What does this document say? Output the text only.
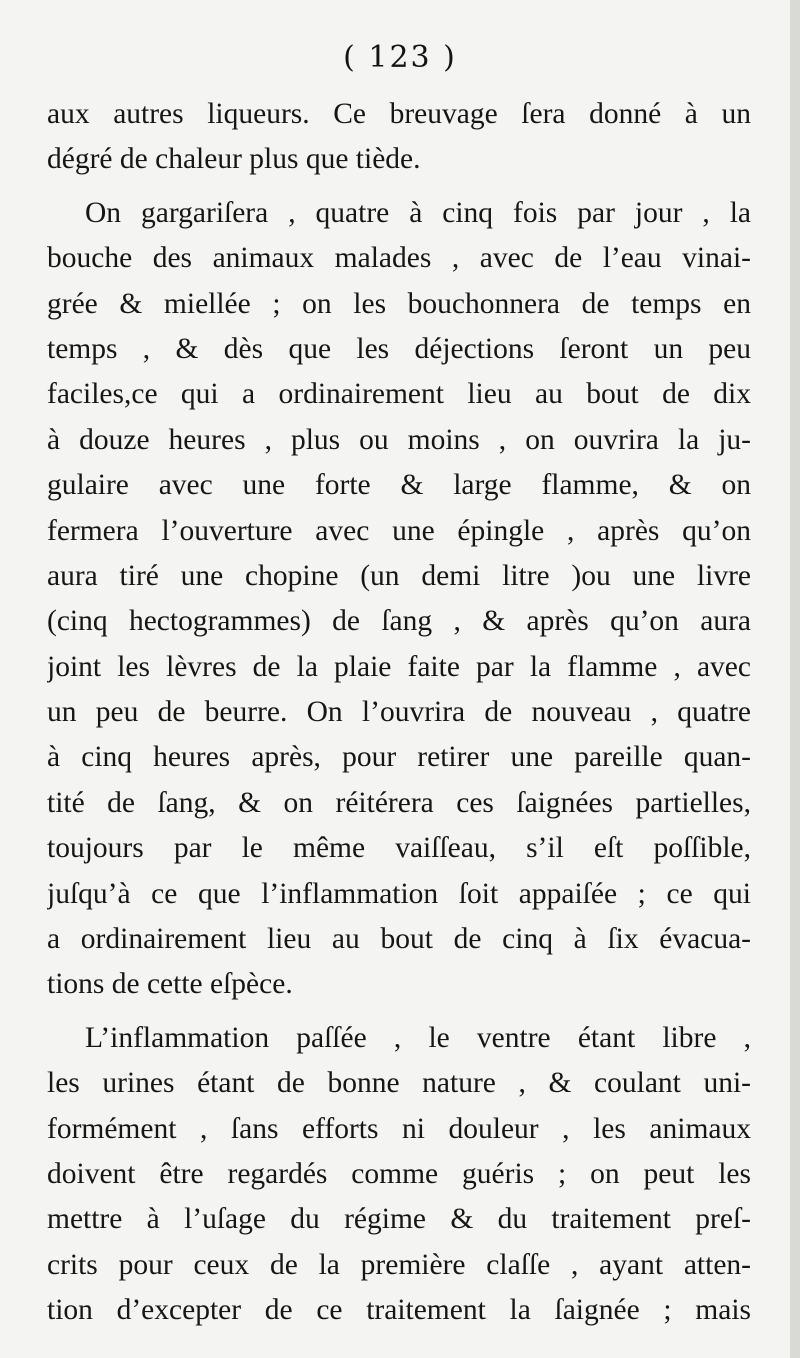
( 123 )
aux autres liqueurs. Ce breuvage ſera donné à un
dégré de chaleur plus que tiède.
On gargariſera , quatre à cinq fois par jour , la
bouche des animaux malades , avec de l’eau vinai-
grée & miellée ; on les bouchonnera de temps en
temps , & dès que les déjections ſeront un peu
faciles,ce qui a ordinairement lieu au bout de dix
à douze heures , plus ou moins , on ouvrira la ju-
gulaire avec une forte & large flamme, & on
fermera l’ouverture avec une épingle , après qu’on
aura tiré une chopine (un demi litre )ou une livre
(cinq hectogrammes) de ſang , & après qu’on aura
joint les lèvres de la plaie faite par la flamme , avec
un peu de beurre. On l’ouvrira de nouveau , quatre
à cinq heures après, pour retirer une pareille quan-
tité de ſang, & on réitérera ces ſaignées partielles,
toujours par le même vaiſſeau, s’il eſt poſſible,
juſqu’à ce que l’inflammation ſoit appaiſée ; ce qui
a ordinairement lieu au bout de cinq à ſix évacua-
tions de cette eſpèce.
L’inflammation paſſée , le ventre étant libre ,
les urines étant de bonne nature , & coulant uni-
formément , ſans efforts ni douleur , les animaux
doivent être regardés comme guéris ; on peut les
mettre à l’uſage du régime & du traitement preſ-
crits pour ceux de la première claſſe , ayant atten-
tion d’excepter de ce traitement la ſaignée ; mais
